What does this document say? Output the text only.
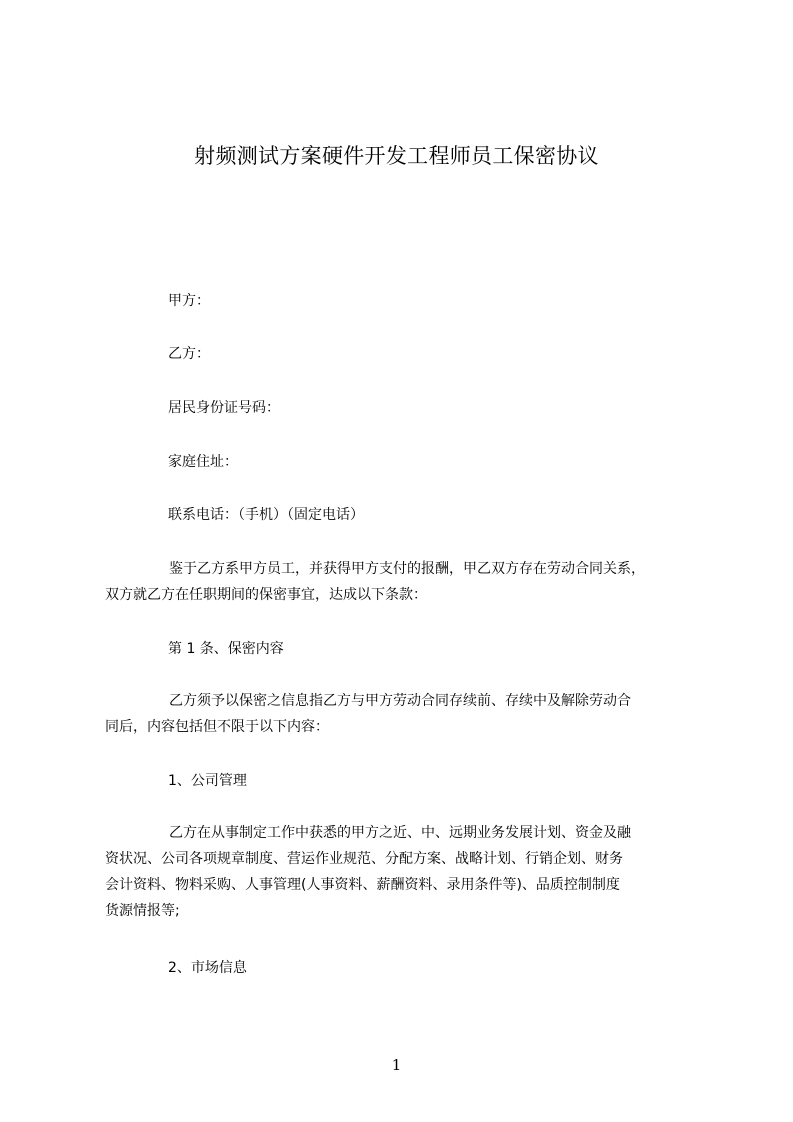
射频测试方案硬件开发工程师员工保密协议
甲方：
乙方：
居民身份证号码：
家庭住址：
联系电话：（手机）（固定电话）
鉴于乙方系甲方员工，并获得甲方支付的报酬，甲乙双方存在劳动合同关系，
双方就乙方在任职期间的保密事宜，达成以下条款：
第 1 条、保密内容
乙方须予以保密之信息指乙方与甲方劳动合同存续前、存续中及解除劳动合
同后，内容包括但不限于以下内容：
1、公司管理
乙方在从事制定工作中获悉的甲方之近、中、远期业务发展计划、资金及融
资状况、公司各项规章制度、营运作业规范、分配方案、战略计划、行销企划、财务
会计资料、物料采购、人事管理(人事资料、薪酬资料、录用条件等)、品质控制制度
货源情报等;
2、市场信息
1
